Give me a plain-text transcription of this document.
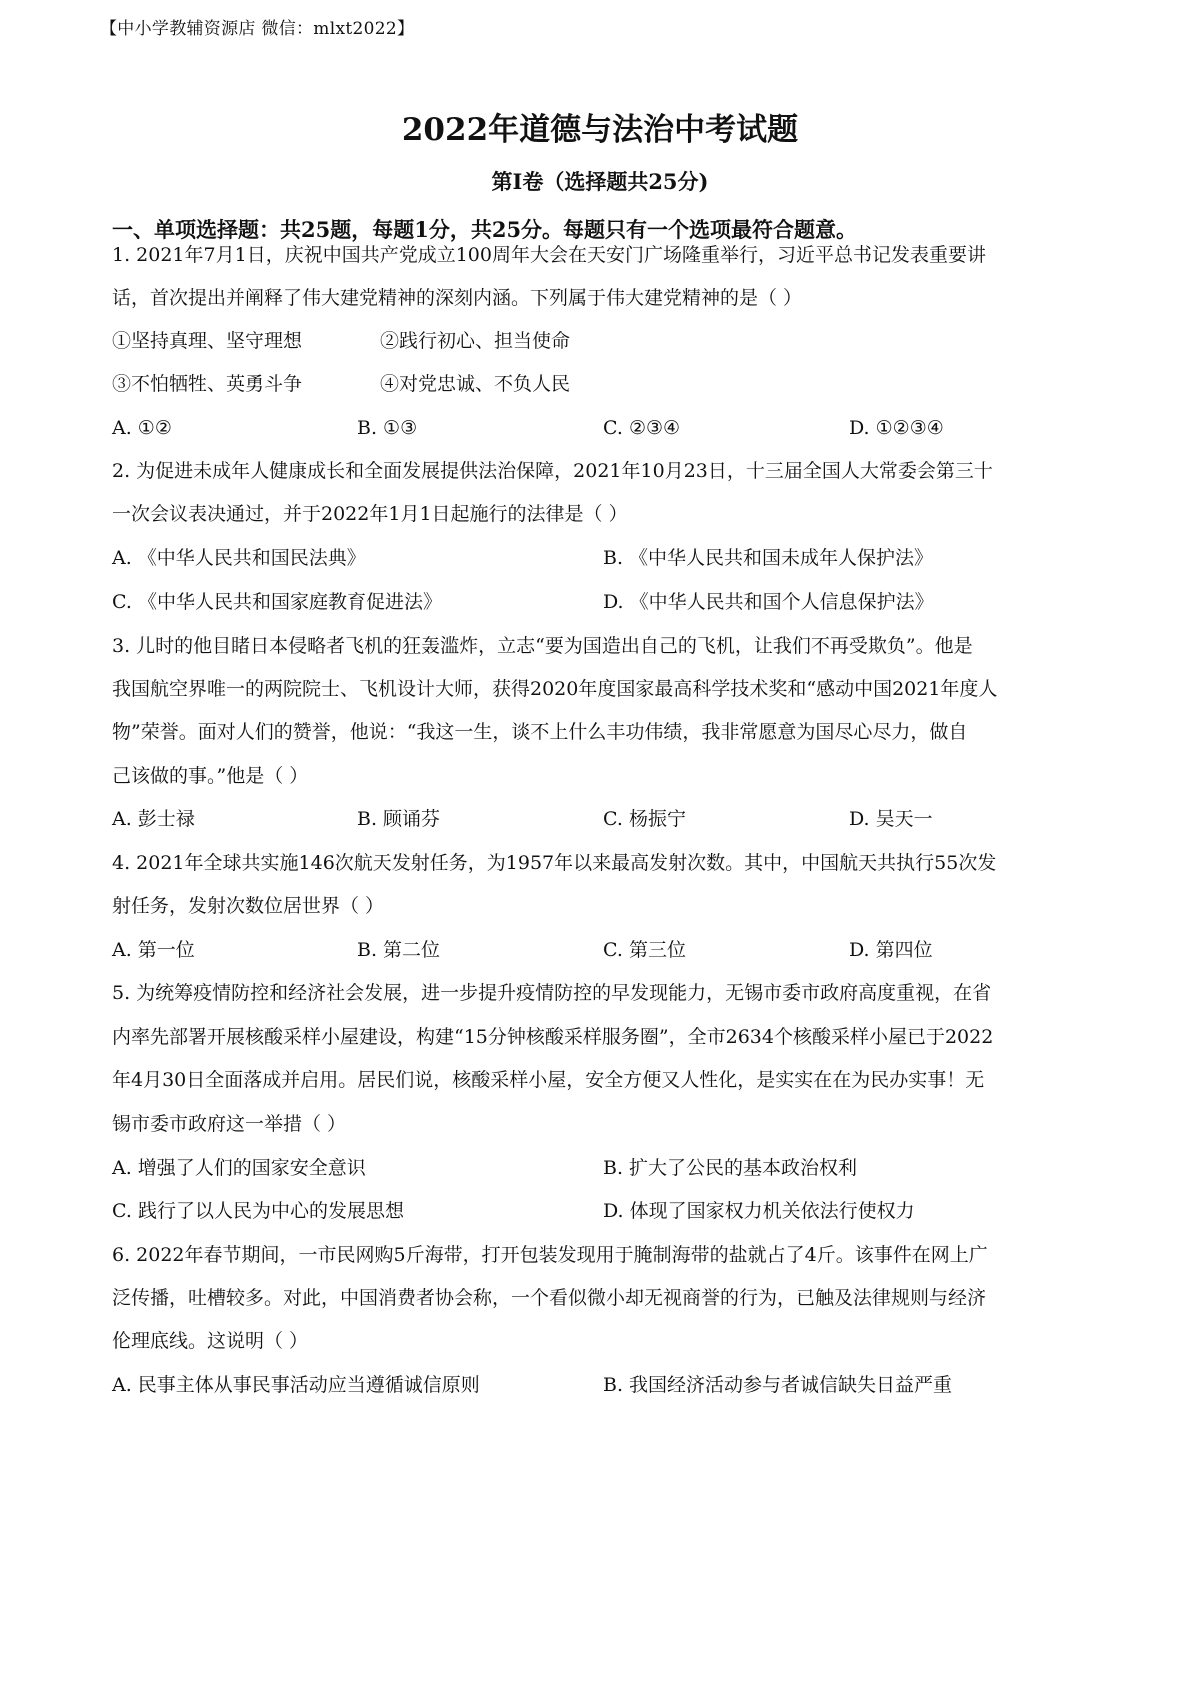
【中小学教辅资源店 微信：mlxt2022】
2022年道德与法治中考试题
第I卷（选择题共25分)
一、单项选择题：共25题，每题1分，共25分。每题只有一个选项最符合题意。
1. 2021年7月1日，庆祝中国共产党成立100周年大会在天安门广场隆重举行，习近平总书记发表重要讲
话，首次提出并阐释了伟大建党精神的深刻内涵。下列属于伟大建党精神的是（ ）
①坚持真理、坚守理想	②践行初心、担当使命
③不怕牺牲、英勇斗争	④对党忠诚、不负人民
A. ①②	B. ①③	C. ②③④	D. ①②③④
2. 为促进未成年人健康成长和全面发展提供法治保障，2021年10月23日，十三届全国人大常委会第三十
一次会议表决通过，并于2022年1月1日起施行的法律是（ ）
A. 《中华人民共和国民法典》	B. 《中华人民共和国未成年人保护法》
C. 《中华人民共和国家庭教育促进法》	D. 《中华人民共和国个人信息保护法》
3. 儿时的他目睹日本侵略者飞机的狂轰滥炸，立志“要为国造出自己的飞机，让我们不再受欺负”。他是
我国航空界唯一的两院院士、飞机设计大师，获得2020年度国家最高科学技术奖和“感动中国2021年度人
物”荣誉。面对人们的赞誉，他说：“我这一生，谈不上什么丰功伟绩，我非常愿意为国尽心尽力，做自
己该做的事。”他是（ ）
A. 彭士禄	B. 顾诵芬	C. 杨振宁	D. 吴天一
4. 2021年全球共实施146次航天发射任务，为1957年以来最高发射次数。其中，中国航天共执行55次发
射任务，发射次数位居世界（ ）
A. 第一位	B. 第二位	C. 第三位	D. 第四位
5. 为统筹疫情防控和经济社会发展，进一步提升疫情防控的早发现能力，无锡市委市政府高度重视，在省
内率先部署开展核酸采样小屋建设，构建“15分钟核酸采样服务圈”，全市2634个核酸采样小屋已于2022
年4月30日全面落成并启用。居民们说，核酸采样小屋，安全方便又人性化，是实实在在为民办实事！无
锡市委市政府这一举措（ ）
A. 增强了人们的国家安全意识	B. 扩大了公民的基本政治权利
C. 践行了以人民为中心的发展思想	D. 体现了国家权力机关依法行使权力
6. 2022年春节期间，一市民网购5斤海带，打开包装发现用于腌制海带的盐就占了4斤。该事件在网上广
泛传播，吐槽较多。对此，中国消费者协会称，一个看似微小却无视商誉的行为，已触及法律规则与经济
伦理底线。这说明（ ）
A. 民事主体从事民事活动应当遵循诚信原则	B. 我国经济活动参与者诚信缺失日益严重
